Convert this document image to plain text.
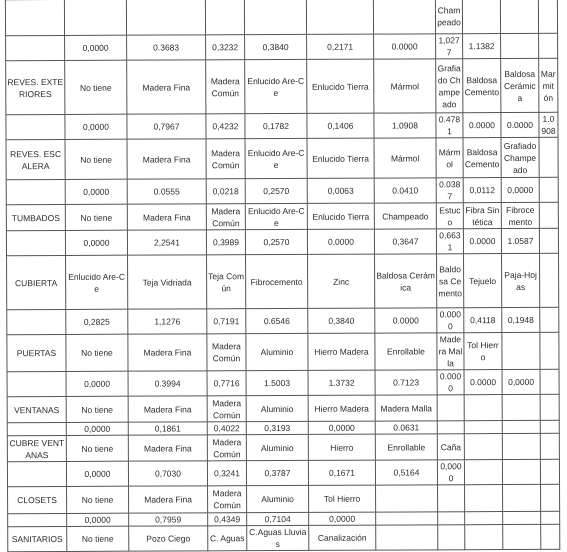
							Champeado			
	0,0000	0.3683	0,3232	0,3840	0,2171	0.0000	1,0277	1.1382		
REVES. EXTERIORES	No tiene	Madera Fina	Madera Común	Enlucido Are-Ce	Enlucido Tierra	Mármol	Grafiado Champeado	Baldosa Cemento	Baldosa Cerámica	Marmitón
	0,0000	0,7967	0,4232	0,1782	0,1406	1,0908	0.4781	0.0000	0.0000	1.0908
REVES. ESCALERA	No tiene	Madera Fina	Madera Común	Enlucido Are-Ce	Enlucido Tierra	Mármol	Mármol	Baldosa Cemento	Grafiado Champeado	
	0,0000	0.0555	0,0218	0,2570	0,0063	0.0410	0.0387	0,0112	0,0000	
TUMBADOS	No tiene	Madera Fina	Madera Común	Enlucido Are-Ce	Enlucido Tierra	Champeado	Estuco	Fibra Sintética	Fibrocemento	
	0,0000	2,2541	0,3989	0,2570	0,0000	0,3647	0,6631	0.0000	1.0587	
CUBIERTA	Enlucido Are-Ce	Teja Vidriada	Teja Común	Fibrocemento	Zinc	Baldosa Cerámica	Baldosa Cemento	Tejuelo	Paja-Hojas	
	0,2825	1,1276	0,7191	0.6546	0,3840	0.0000	0.0000	0,4118	0,1948	
PUERTAS	No tiene	Madera Fina	Madera Común	Aluminio	Hierro Madera	Enrollable	Madera Malla	Tol Hierro		
	0,0000	0.3994	0,7716	1.5003	1.3732	0.7123	0.0000	0.0000	0,0000	
VENTANAS	No tiene	Madera Fina	Madera Común	Aluminio	Hierro Madera	Madera Malla				
	0,0000	0,1861	0,4022	0,3193	0,0000	0.0631				
CUBRE VENTANAS	No tiene	Madera Fina	Madera Común	Aluminio	Hierro	Enrollable	Caña			
	0,0000	0,7030	0,3241	0,3787	0,1671	0,5164	0,0000			
CLOSETS	No tiene	Madera Fina	Madera Común	Aluminio	Tol Hierro					
	0,0000	0,7959	0,4349	0,7104	0,0000					
SANITARIOS	No tiene	Pozo Ciego	C. Aguas	C.Aguas Lluvias	Canalización					
